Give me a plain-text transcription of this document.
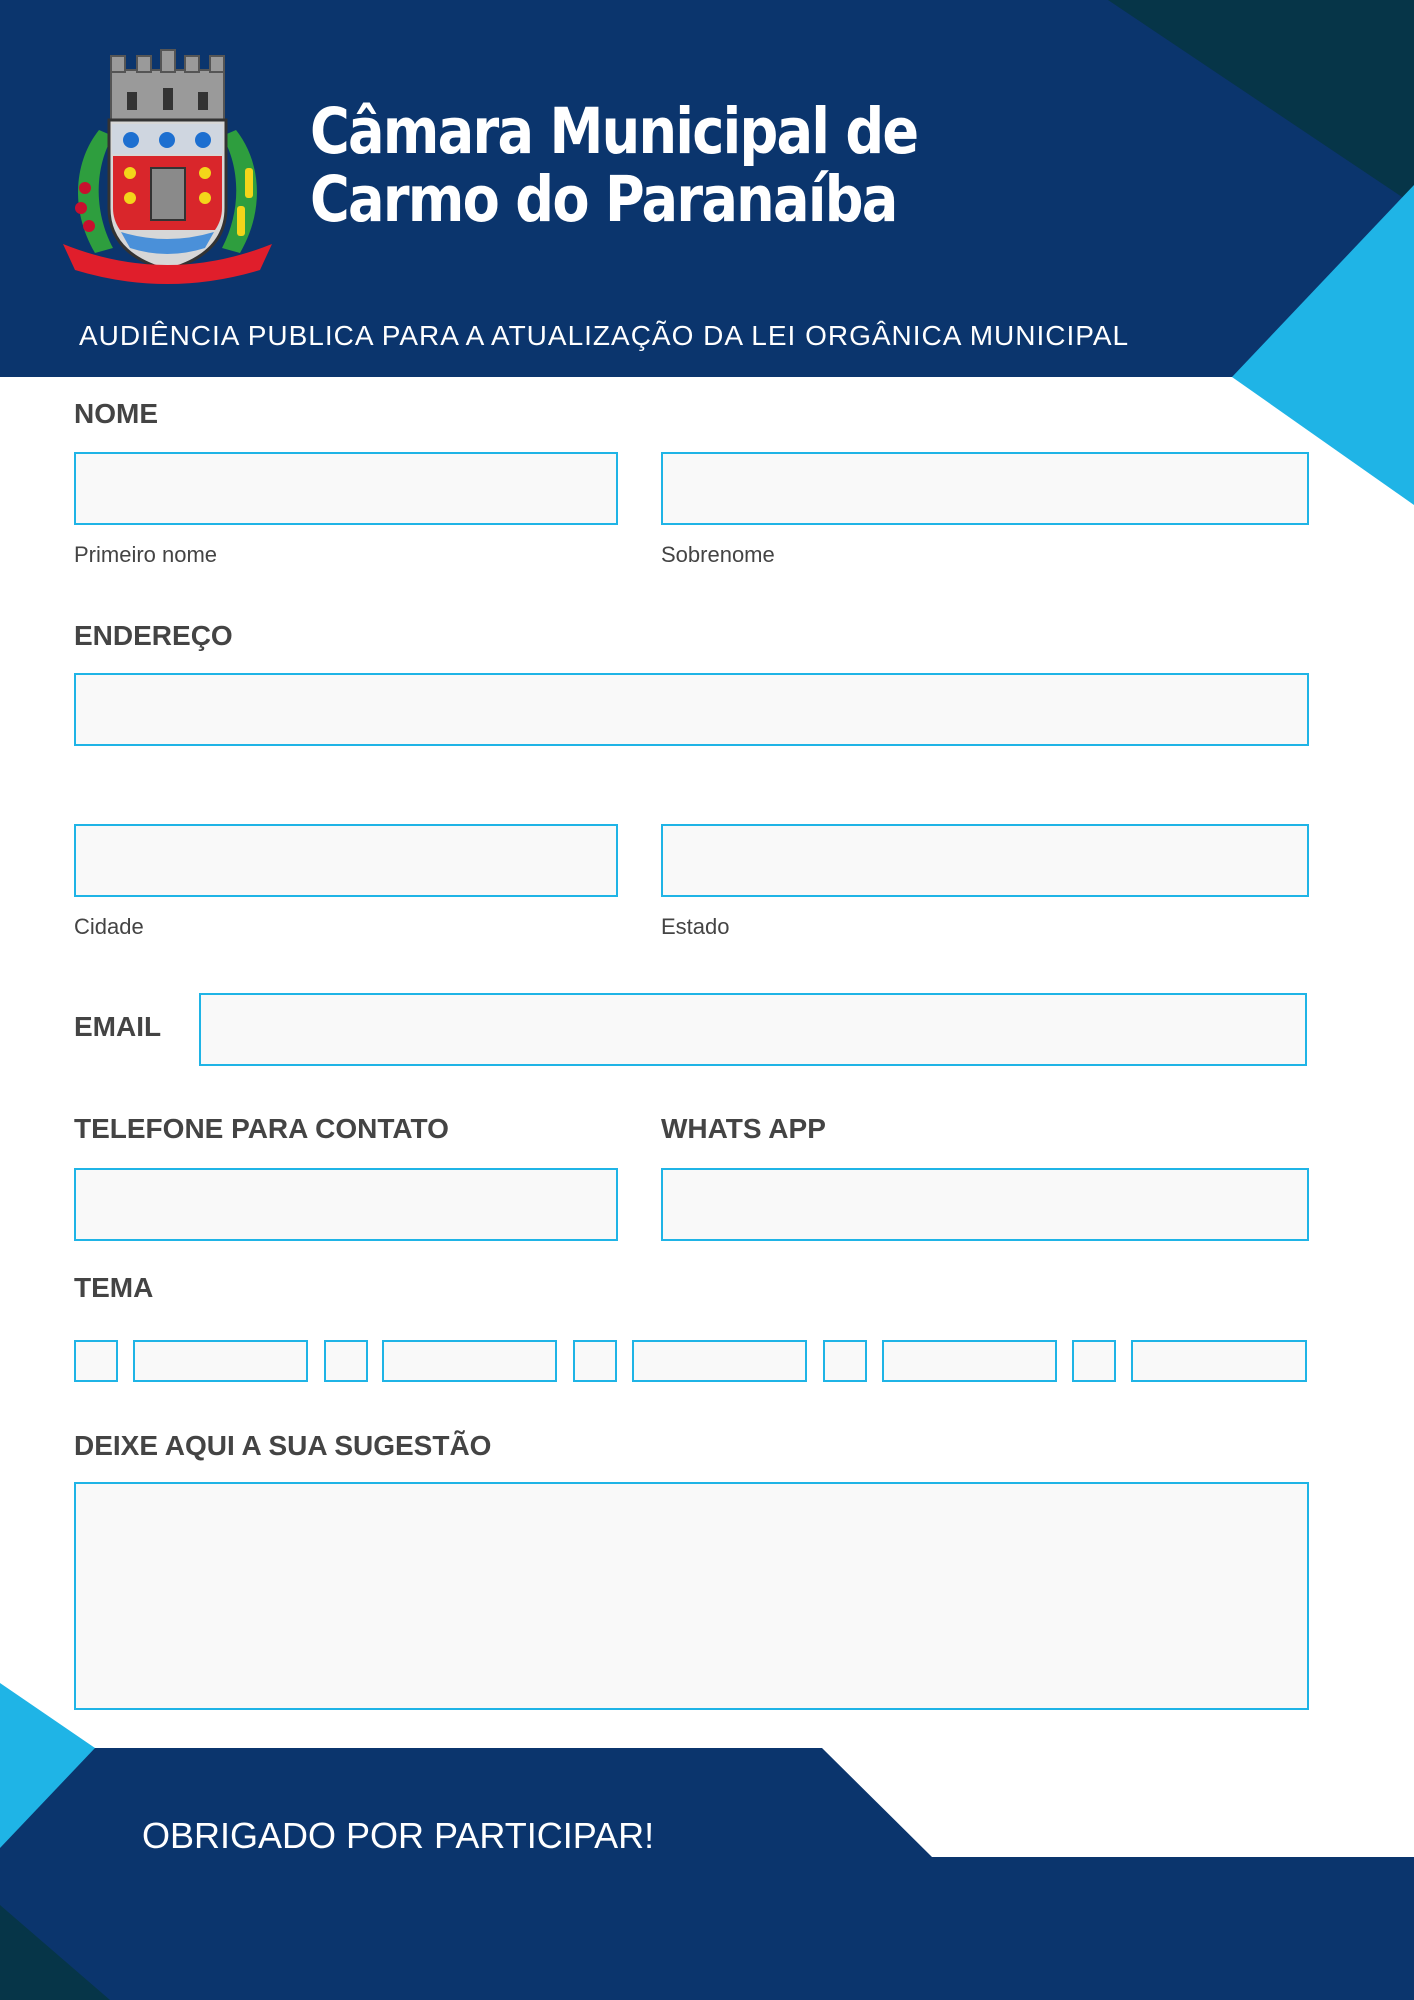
Câmara Municipal de
Carmo do Paranaíba

AUDIÊNCIA PUBLICA PARA A ATUALIZAÇÃO DA LEI ORGÂNICA MUNICIPAL

NOME

Primeiro nome	Sobrenome

ENDEREÇO

Cidade	Estado

EMAIL

TELEFONE PARA CONTATO	WHATS APP

TEMA

DEIXE AQUI A SUA SUGESTÃO

OBRIGADO POR PARTICIPAR!
